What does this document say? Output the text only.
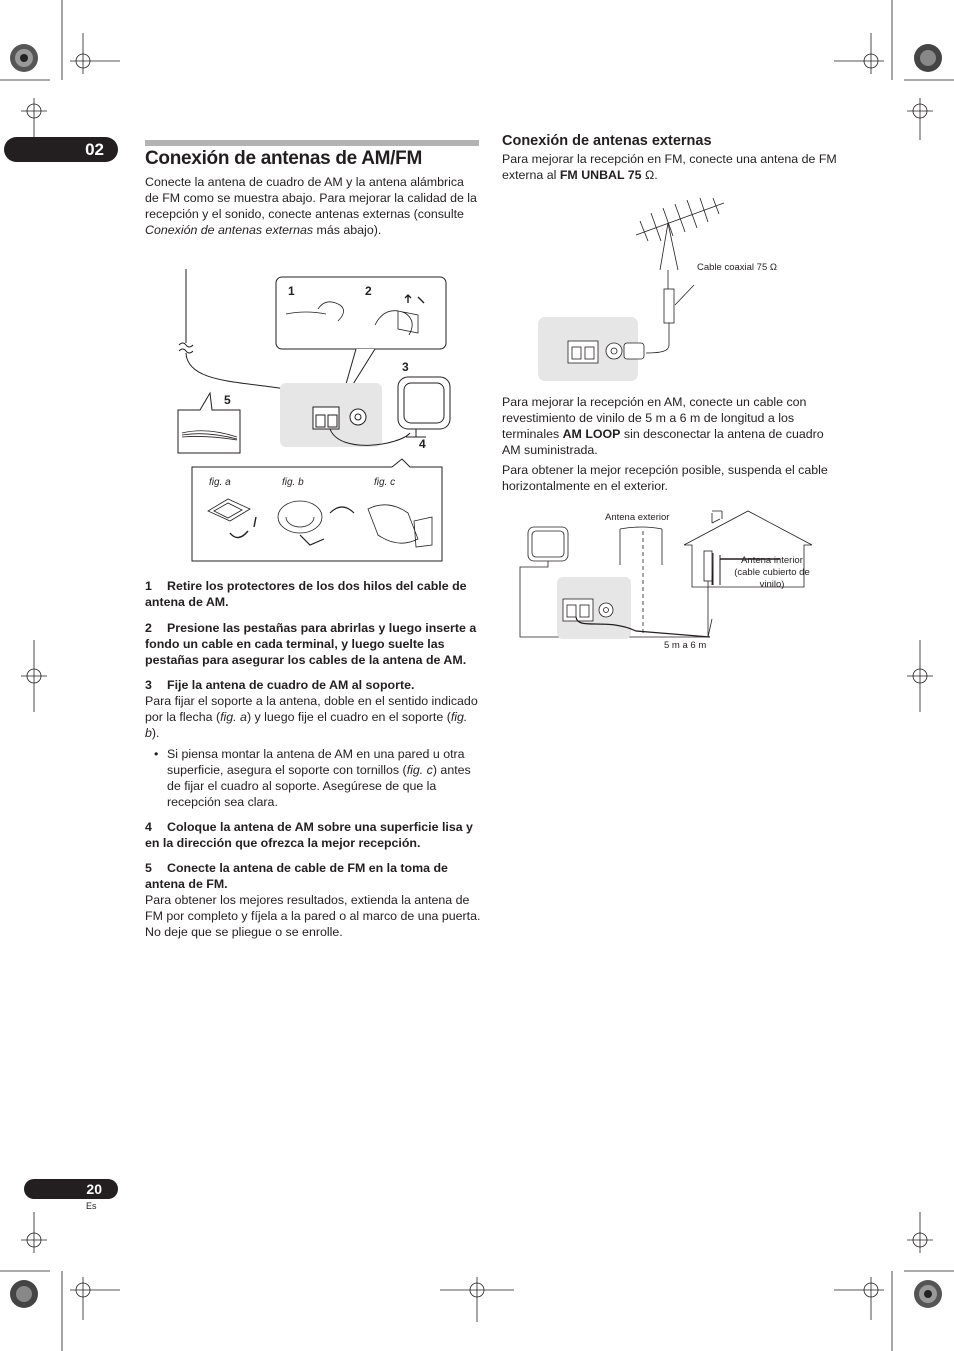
02	Conexión de antenas de AM/FM

Conecte la antena de cuadro de AM y la antena alámbrica de FM como se muestra abajo. Para mejorar la calidad de la recepción y el sonido, conecte antenas externas (consulte Conexión de antenas externas más abajo).

1	2
3
4
5
fig. a	fig. b	fig. c

1 Retire los protectores de los dos hilos del cable de antena de AM.

2 Presione las pestañas para abrirlas y luego inserte a fondo un cable en cada terminal, y luego suelte las pestañas para asegurar los cables de la antena de AM.

3 Fije la antena de cuadro de AM al soporte.

Para fijar el soporte a la antena, doble en el sentido indicado por la flecha (fig. a) y luego fije el cuadro en el soporte (fig. b).

• Si piensa montar la antena de AM en una pared u otra superficie, asegura el soporte con tornillos (fig. c) antes de fijar el cuadro al soporte. Asegúrese de que la recepción sea clara.

4 Coloque la antena de AM sobre una superficie lisa y en la dirección que ofrezca la mejor recepción.

5 Conecte la antena de cable de FM en la toma de antena de FM.

Para obtener los mejores resultados, extienda la antena de FM por completo y fíjela a la pared o al marco de una puerta. No deje que se pliegue o se enrolle.

Conexión de antenas externas

Para mejorar la recepción en FM, conecte una antena de FM externa al FM UNBAL 75 Ω.

Cable coaxial 75 Ω

Para mejorar la recepción en AM, conecte un cable con revestimiento de vinilo de 5 m a 6 m de longitud a los terminales AM LOOP sin desconectar la antena de cuadro AM suministrada.

Para obtener la mejor recepción posible, suspenda el cable horizontalmente en el exterior.

Antena exterior
Antena interior
(cable cubierto de
vinilo)
5 m a 6 m
20
Es
